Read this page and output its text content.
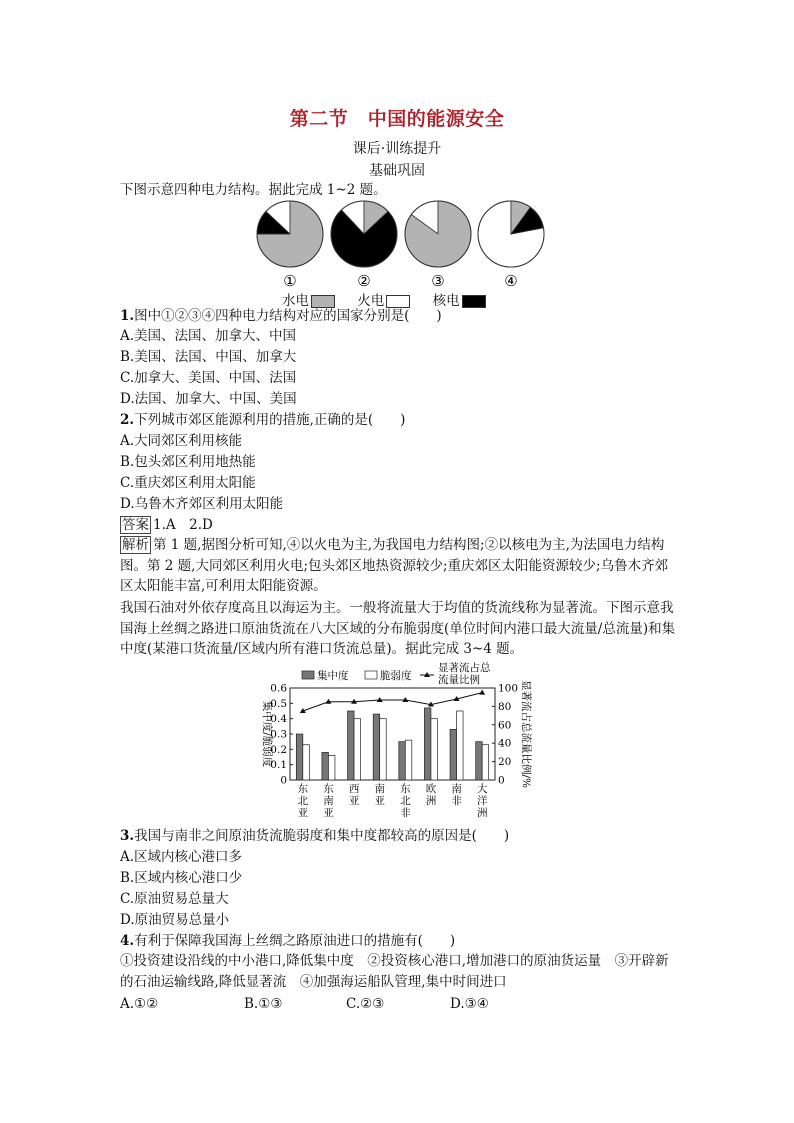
第二节　中国的能源安全
课后·训练提升
基础巩固
下图示意四种电力结构。据此完成 1~2 题。
①	②	③	④
水电	火电	核电
1.图中①②③④四种电力结构对应的国家分别是(　　)
A.美国、法国、加拿大、中国
B.美国、法国、中国、加拿大
C.加拿大、美国、中国、法国
D.法国、加拿大、中国、美国
2.下列城市郊区能源利用的措施,正确的是(　　)
A.大同郊区利用核能
B.包头郊区利用地热能
C.重庆郊区利用太阳能
D.乌鲁木齐郊区利用太阳能
答案 1.A　2.D
解析 第 1 题,据图分析可知,④以火电为主,为我国电力结构图;②以核电为主,为法国电力结构图。第 2 题,大同郊区利用火电;包头郊区地热资源较少;重庆郊区太阳能资源较少;乌鲁木齐郊区太阳能丰富,可利用太阳能资源。
我国石油对外依存度高且以海运为主。一般将流量大于均值的货流线称为显著流。下图示意我国海上丝绸之路进口原油货流在八大区域的分布脆弱度(单位时间内港口最大流量/总流量)和集中度(某港口货流量/区域内所有港口货流总量)。据此完成 3~4 题。
0
0.1
0.2
0.3
0.4
0.5
0.6
0
20
40
60
80
100
集中度/脆弱度	显著流占总流量比例/%
东
北
亚
东
南
亚
西
亚
南
亚
东
北
非
欧
洲
南
非
大
洋
洲
集中度	脆弱度
显著流占总
流量比例
3.我国与南非之间原油货流脆弱度和集中度都较高的原因是(　　)
A.区域内核心港口多
B.区域内核心港口少
C.原油贸易总量大
D.原油贸易总量小
4.有利于保障我国海上丝绸之路原油进口的措施有(　　)
①投资建设沿线的中小港口,降低集中度　②投资核心港口,增加港口的原油货运量　③开辟新的石油运输线路,降低显著流　④加强海运船队管理,集中时间进口
A.①②	B.①③	C.②③	D.③④
